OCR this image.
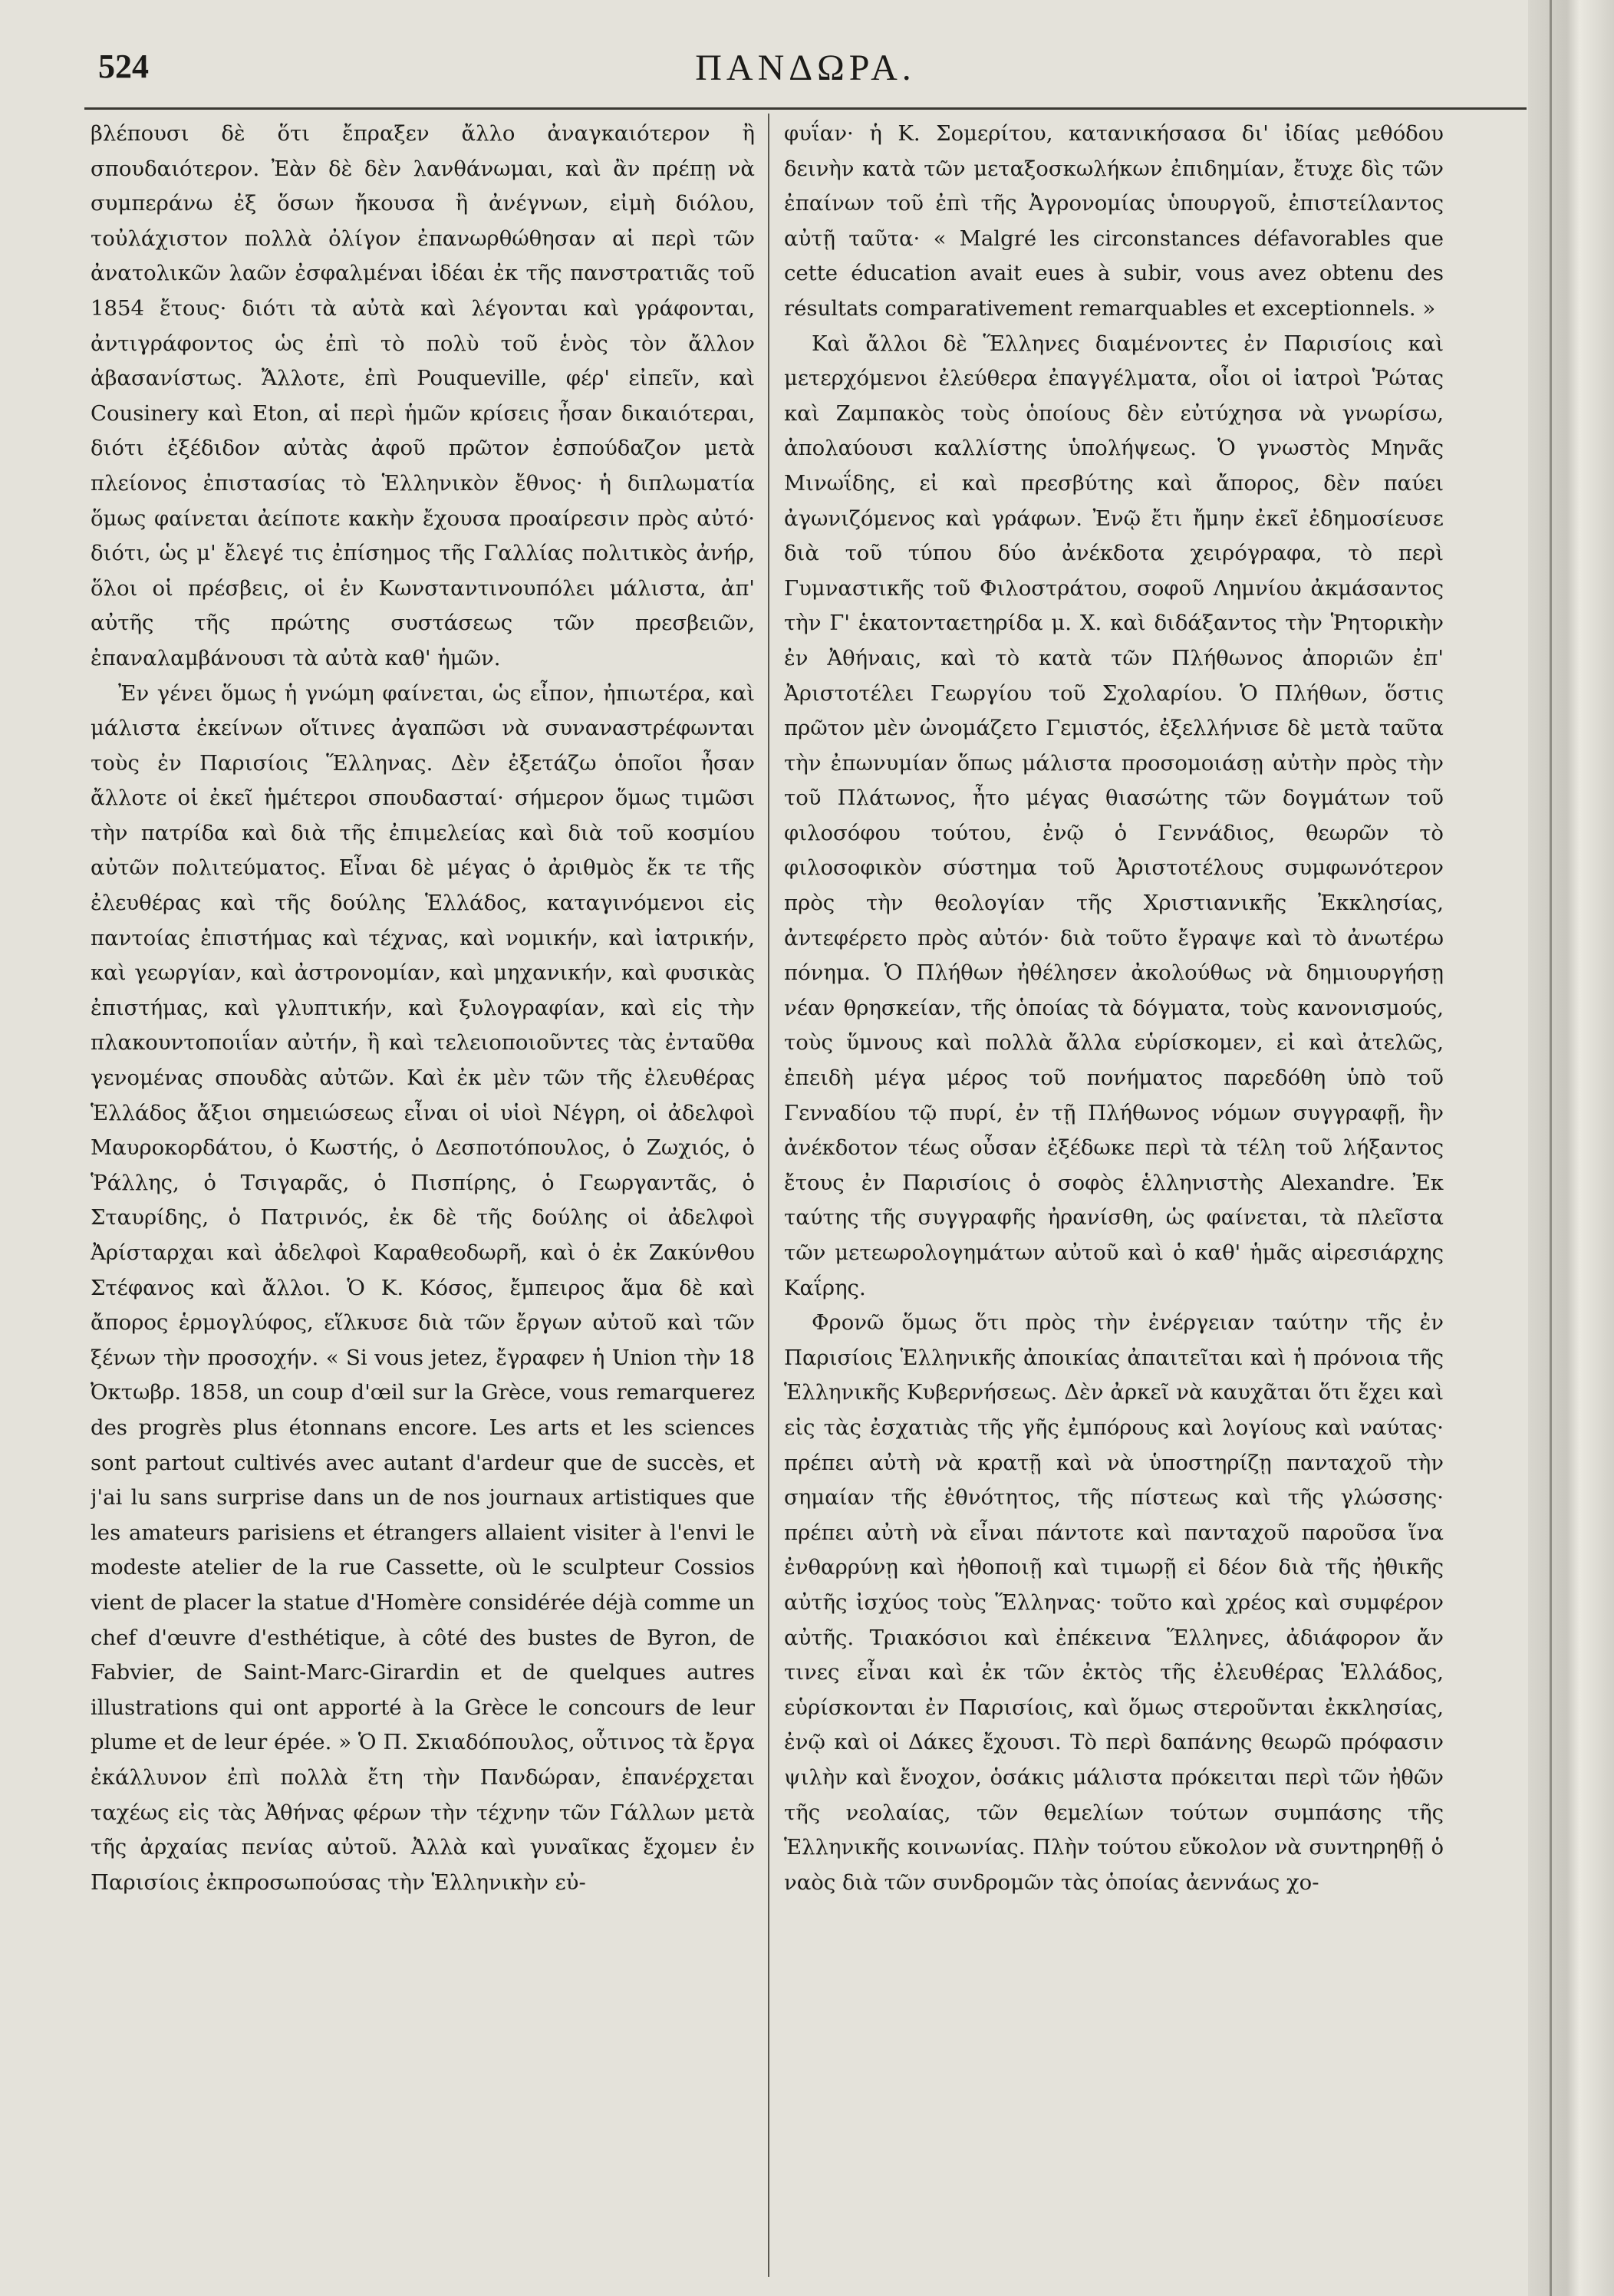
524	ΠΑΝΔΩΡΑ.

βλέπουσι δὲ ὅτι ἔπραξεν ἄλλο ἀναγκαιότερον ἢ σπουδαιότερον. Ἐὰν δὲ δὲν λανθάνωμαι, καὶ ἂν πρέπῃ νὰ συμπεράνω ἐξ ὅσων ἤκουσα ἢ ἀνέγνων, εἰμὴ διόλου, τοὐλάχιστον πολλὰ ὀλίγον ἐπανωρθώθησαν αἱ περὶ τῶν ἀνατολικῶν λαῶν ἐσφαλμέναι ἰδέαι ἐκ τῆς πανστρατιᾶς τοῦ 1854 ἔτους· διότι τὰ αὐτὰ καὶ λέγονται καὶ γράφονται, ἀντιγράφοντος ὡς ἐπὶ τὸ πολὺ τοῦ ἑνὸς τὸν ἄλλον ἀβασανίστως. Ἄλλοτε, ἐπὶ Pouqueville, φέρ' εἰπεῖν, καὶ Cousinery καὶ Eton, αἱ περὶ ἡμῶν κρίσεις ἦσαν δικαιότεραι, διότι ἐξέδιδον αὐτὰς ἀφοῦ πρῶτον ἐσπούδαζον μετὰ πλείονος ἐπιστασίας τὸ Ἑλληνικὸν ἔθνος· ἡ διπλωματία ὅμως φαίνεται ἀείποτε κακὴν ἔχουσα προαίρεσιν πρὸς αὐτό· διότι, ὡς μ' ἔλεγέ τις ἐπίσημος τῆς Γαλλίας πολιτικὸς ἀνήρ, ὅλοι οἱ πρέσβεις, οἱ ἐν Κωνσταντινουπόλει μάλιστα, ἀπ' αὐτῆς τῆς πρώτης συστάσεως τῶν πρεσβειῶν, ἐπαναλαμβάνουσι τὰ αὐτὰ καθ' ἡμῶν.

Ἐν γένει ὅμως ἡ γνώμη φαίνεται, ὡς εἶπον, ἠπιωτέρα, καὶ μάλιστα ἐκείνων οἵτινες ἀγαπῶσι νὰ συναναστρέφωνται τοὺς ἐν Παρισίοις Ἕλληνας. Δὲν ἐξετάζω ὁποῖοι ἦσαν ἄλλοτε οἱ ἐκεῖ ἡμέτεροι σπουδασταί· σήμερον ὅμως τιμῶσι τὴν πατρίδα καὶ διὰ τῆς ἐπιμελείας καὶ διὰ τοῦ κοσμίου αὐτῶν πολιτεύματος. Εἶναι δὲ μέγας ὁ ἀριθμὸς ἔκ τε τῆς ἐλευθέρας καὶ τῆς δούλης Ἑλλάδος, καταγινόμενοι εἰς παντοίας ἐπιστήμας καὶ τέχνας, καὶ νομικήν, καὶ ἰατρικήν, καὶ γεωργίαν, καὶ ἀστρονομίαν, καὶ μηχανικήν, καὶ φυσικὰς ἐπιστήμας, καὶ γλυπτικήν, καὶ ξυλογραφίαν, καὶ εἰς τὴν πλακουντοποιΐαν αὐτήν, ἢ καὶ τελειοποιοῦντες τὰς ἐνταῦθα γενομένας σπουδὰς αὐτῶν. Καὶ ἐκ μὲν τῶν τῆς ἐλευθέρας Ἑλλάδος ἄξιοι σημειώσεως εἶναι οἱ υἱοὶ Νέγρη, οἱ ἀδελφοὶ Μαυροκορδάτου, ὁ Κωστής, ὁ Δεσποτόπουλος, ὁ Ζωχιός, ὁ Ῥάλλης, ὁ Τσιγαρᾶς, ὁ Πισπίρης, ὁ Γεωργαντᾶς, ὁ Σταυρίδης, ὁ Πατρινός, ἐκ δὲ τῆς δούλης οἱ ἀδελφοὶ Ἀρίσταρχαι καὶ ἀδελφοὶ Καραθεοδωρῆ, καὶ ὁ ἐκ Ζακύνθου Στέφανος καὶ ἄλλοι. Ὁ Κ. Κόσος, ἔμπειρος ἅμα δὲ καὶ ἄπορος ἑρμογλύφος, εἵλκυσε διὰ τῶν ἔργων αὐτοῦ καὶ τῶν ξένων τὴν προσοχήν. « Si vous jetez, ἔγραφεν ἡ Union τὴν 18 Ὀκτωβρ. 1858, un coup d'œil sur la Grèce, vous remarquerez des progrès plus étonnans encore. Les arts et les sciences sont partout cultivés avec autant d'ardeur que de succès, et j'ai lu sans surprise dans un de nos journaux artistiques que les amateurs parisiens et étrangers allaient visiter à l'envi le modeste atelier de la rue Cassette, où le sculpteur Cossios vient de placer la statue d'Homère considérée déjà comme un chef d'œuvre d'esthétique, à côté des bustes de Byron, de Fabvier, de Saint-Marc-Girardin et de quelques autres illustrations qui ont apporté à la Grèce le concours de leur plume et de leur épée. » Ὁ Π. Σκιαδόπουλος, οὗτινος τὰ ἔργα ἐκάλλυνον ἐπὶ πολλὰ ἔτη τὴν Πανδώραν, ἐπανέρχεται ταχέως εἰς τὰς Ἀθήνας φέρων τὴν τέχνην τῶν Γάλλων μετὰ τῆς ἀρχαίας πενίας αὐτοῦ. Ἀλλὰ καὶ γυναῖκας ἔχομεν ἐν Παρισίοις ἐκπροσωπούσας τὴν Ἑλληνικὴν εὐ-

φυΐαν· ἡ Κ. Σομερίτου, κατανικήσασα δι' ἰδίας μεθόδου δεινὴν κατὰ τῶν μεταξοσκωλήκων ἐπιδημίαν, ἔτυχε δὶς τῶν ἐπαίνων τοῦ ἐπὶ τῆς Ἀγρονομίας ὑπουργοῦ, ἐπιστείλαντος αὐτῇ ταῦτα· « Malgré les circonstances défavorables que cette éducation avait eues à subir, vous avez obtenu des résultats comparativement remarquables et exceptionnels. »

Καὶ ἄλλοι δὲ Ἕλληνες διαμένοντες ἐν Παρισίοις καὶ μετερχόμενοι ἐλεύθερα ἐπαγγέλματα, οἷοι οἱ ἰατροὶ Ῥώτας καὶ Ζαμπακὸς τοὺς ὁποίους δὲν εὐτύχησα νὰ γνωρίσω, ἀπολαύουσι καλλίστης ὑπολήψεως. Ὁ γνωστὸς Μηνᾶς Μινωΐδης, εἰ καὶ πρεσβύτης καὶ ἄπορος, δὲν παύει ἀγωνιζόμενος καὶ γράφων. Ἐνῷ ἔτι ἤμην ἐκεῖ ἐδημοσίευσε διὰ τοῦ τύπου δύο ἀνέκδοτα χειρόγραφα, τὸ περὶ Γυμναστικῆς τοῦ Φιλοστράτου, σοφοῦ Λημνίου ἀκμάσαντος τὴν Γ' ἑκατονταετηρίδα μ. Χ. καὶ διδάξαντος τὴν Ῥητορικὴν ἐν Ἀθήναις, καὶ τὸ κατὰ τῶν Πλήθωνος ἀποριῶν ἐπ' Ἀριστοτέλει Γεωργίου τοῦ Σχολαρίου. Ὁ Πλήθων, ὅστις πρῶτον μὲν ὠνομάζετο Γεμιστός, ἐξελλήνισε δὲ μετὰ ταῦτα τὴν ἐπωνυμίαν ὅπως μάλιστα προσομοιάσῃ αὐτὴν πρὸς τὴν τοῦ Πλάτωνος, ἦτο μέγας θιασώτης τῶν δογμάτων τοῦ φιλοσόφου τούτου, ἐνῷ ὁ Γεννάδιος, θεωρῶν τὸ φιλοσοφικὸν σύστημα τοῦ Ἀριστοτέλους συμφωνότερον πρὸς τὴν θεολογίαν τῆς Χριστιανικῆς Ἐκκλησίας, ἀντεφέρετο πρὸς αὐτόν· διὰ τοῦτο ἔγραψε καὶ τὸ ἀνωτέρω πόνημα. Ὁ Πλήθων ἠθέλησεν ἀκολούθως νὰ δημιουργήσῃ νέαν θρησκείαν, τῆς ὁποίας τὰ δόγματα, τοὺς κανονισμούς, τοὺς ὕμνους καὶ πολλὰ ἄλλα εὑρίσκομεν, εἰ καὶ ἀτελῶς, ἐπειδὴ μέγα μέρος τοῦ πονήματος παρεδόθη ὑπὸ τοῦ Γενναδίου τῷ πυρί, ἐν τῇ Πλήθωνος νόμων συγγραφῇ, ἣν ἀνέκδοτον τέως οὖσαν ἐξέδωκε περὶ τὰ τέλη τοῦ λήξαντος ἔτους ἐν Παρισίοις ὁ σοφὸς ἑλληνιστὴς Alexandre. Ἐκ ταύτης τῆς συγγραφῆς ἠρανίσθη, ὡς φαίνεται, τὰ πλεῖστα τῶν μετεωρολογημάτων αὐτοῦ καὶ ὁ καθ' ἡμᾶς αἱρεσιάρχης Καΐρης.

Φρονῶ ὅμως ὅτι πρὸς τὴν ἐνέργειαν ταύτην τῆς ἐν Παρισίοις Ἑλληνικῆς ἀποικίας ἀπαιτεῖται καὶ ἡ πρόνοια τῆς Ἑλληνικῆς Κυβερνήσεως. Δὲν ἀρκεῖ νὰ καυχᾶται ὅτι ἔχει καὶ εἰς τὰς ἐσχατιὰς τῆς γῆς ἐμπόρους καὶ λογίους καὶ ναύτας· πρέπει αὐτὴ νὰ κρατῇ καὶ νὰ ὑποστηρίζῃ πανταχοῦ τὴν σημαίαν τῆς ἐθνότητος, τῆς πίστεως καὶ τῆς γλώσσης· πρέπει αὐτὴ νὰ εἶναι πάντοτε καὶ πανταχοῦ παροῦσα ἵνα ἐνθαρρύνῃ καὶ ἠθοποιῇ καὶ τιμωρῇ εἰ δέον διὰ τῆς ἠθικῆς αὐτῆς ἰσχύος τοὺς Ἕλληνας· τοῦτο καὶ χρέος καὶ συμφέρον αὐτῆς. Τριακόσιοι καὶ ἐπέκεινα Ἕλληνες, ἀδιάφορον ἄν τινες εἶναι καὶ ἐκ τῶν ἐκτὸς τῆς ἐλευθέρας Ἑλλάδος, εὑρίσκονται ἐν Παρισίοις, καὶ ὅμως στεροῦνται ἐκκλησίας, ἐνῷ καὶ οἱ Δάκες ἔχουσι. Τὸ περὶ δαπάνης θεωρῶ πρόφασιν ψιλὴν καὶ ἔνοχον, ὁσάκις μάλιστα πρόκειται περὶ τῶν ἠθῶν τῆς νεολαίας, τῶν θεμελίων τούτων συμπάσης τῆς Ἑλληνικῆς κοινωνίας. Πλὴν τούτου εὔκολον νὰ συντηρηθῇ ὁ ναὸς διὰ τῶν συνδρομῶν τὰς ὁποίας ἀεννάως χο-
